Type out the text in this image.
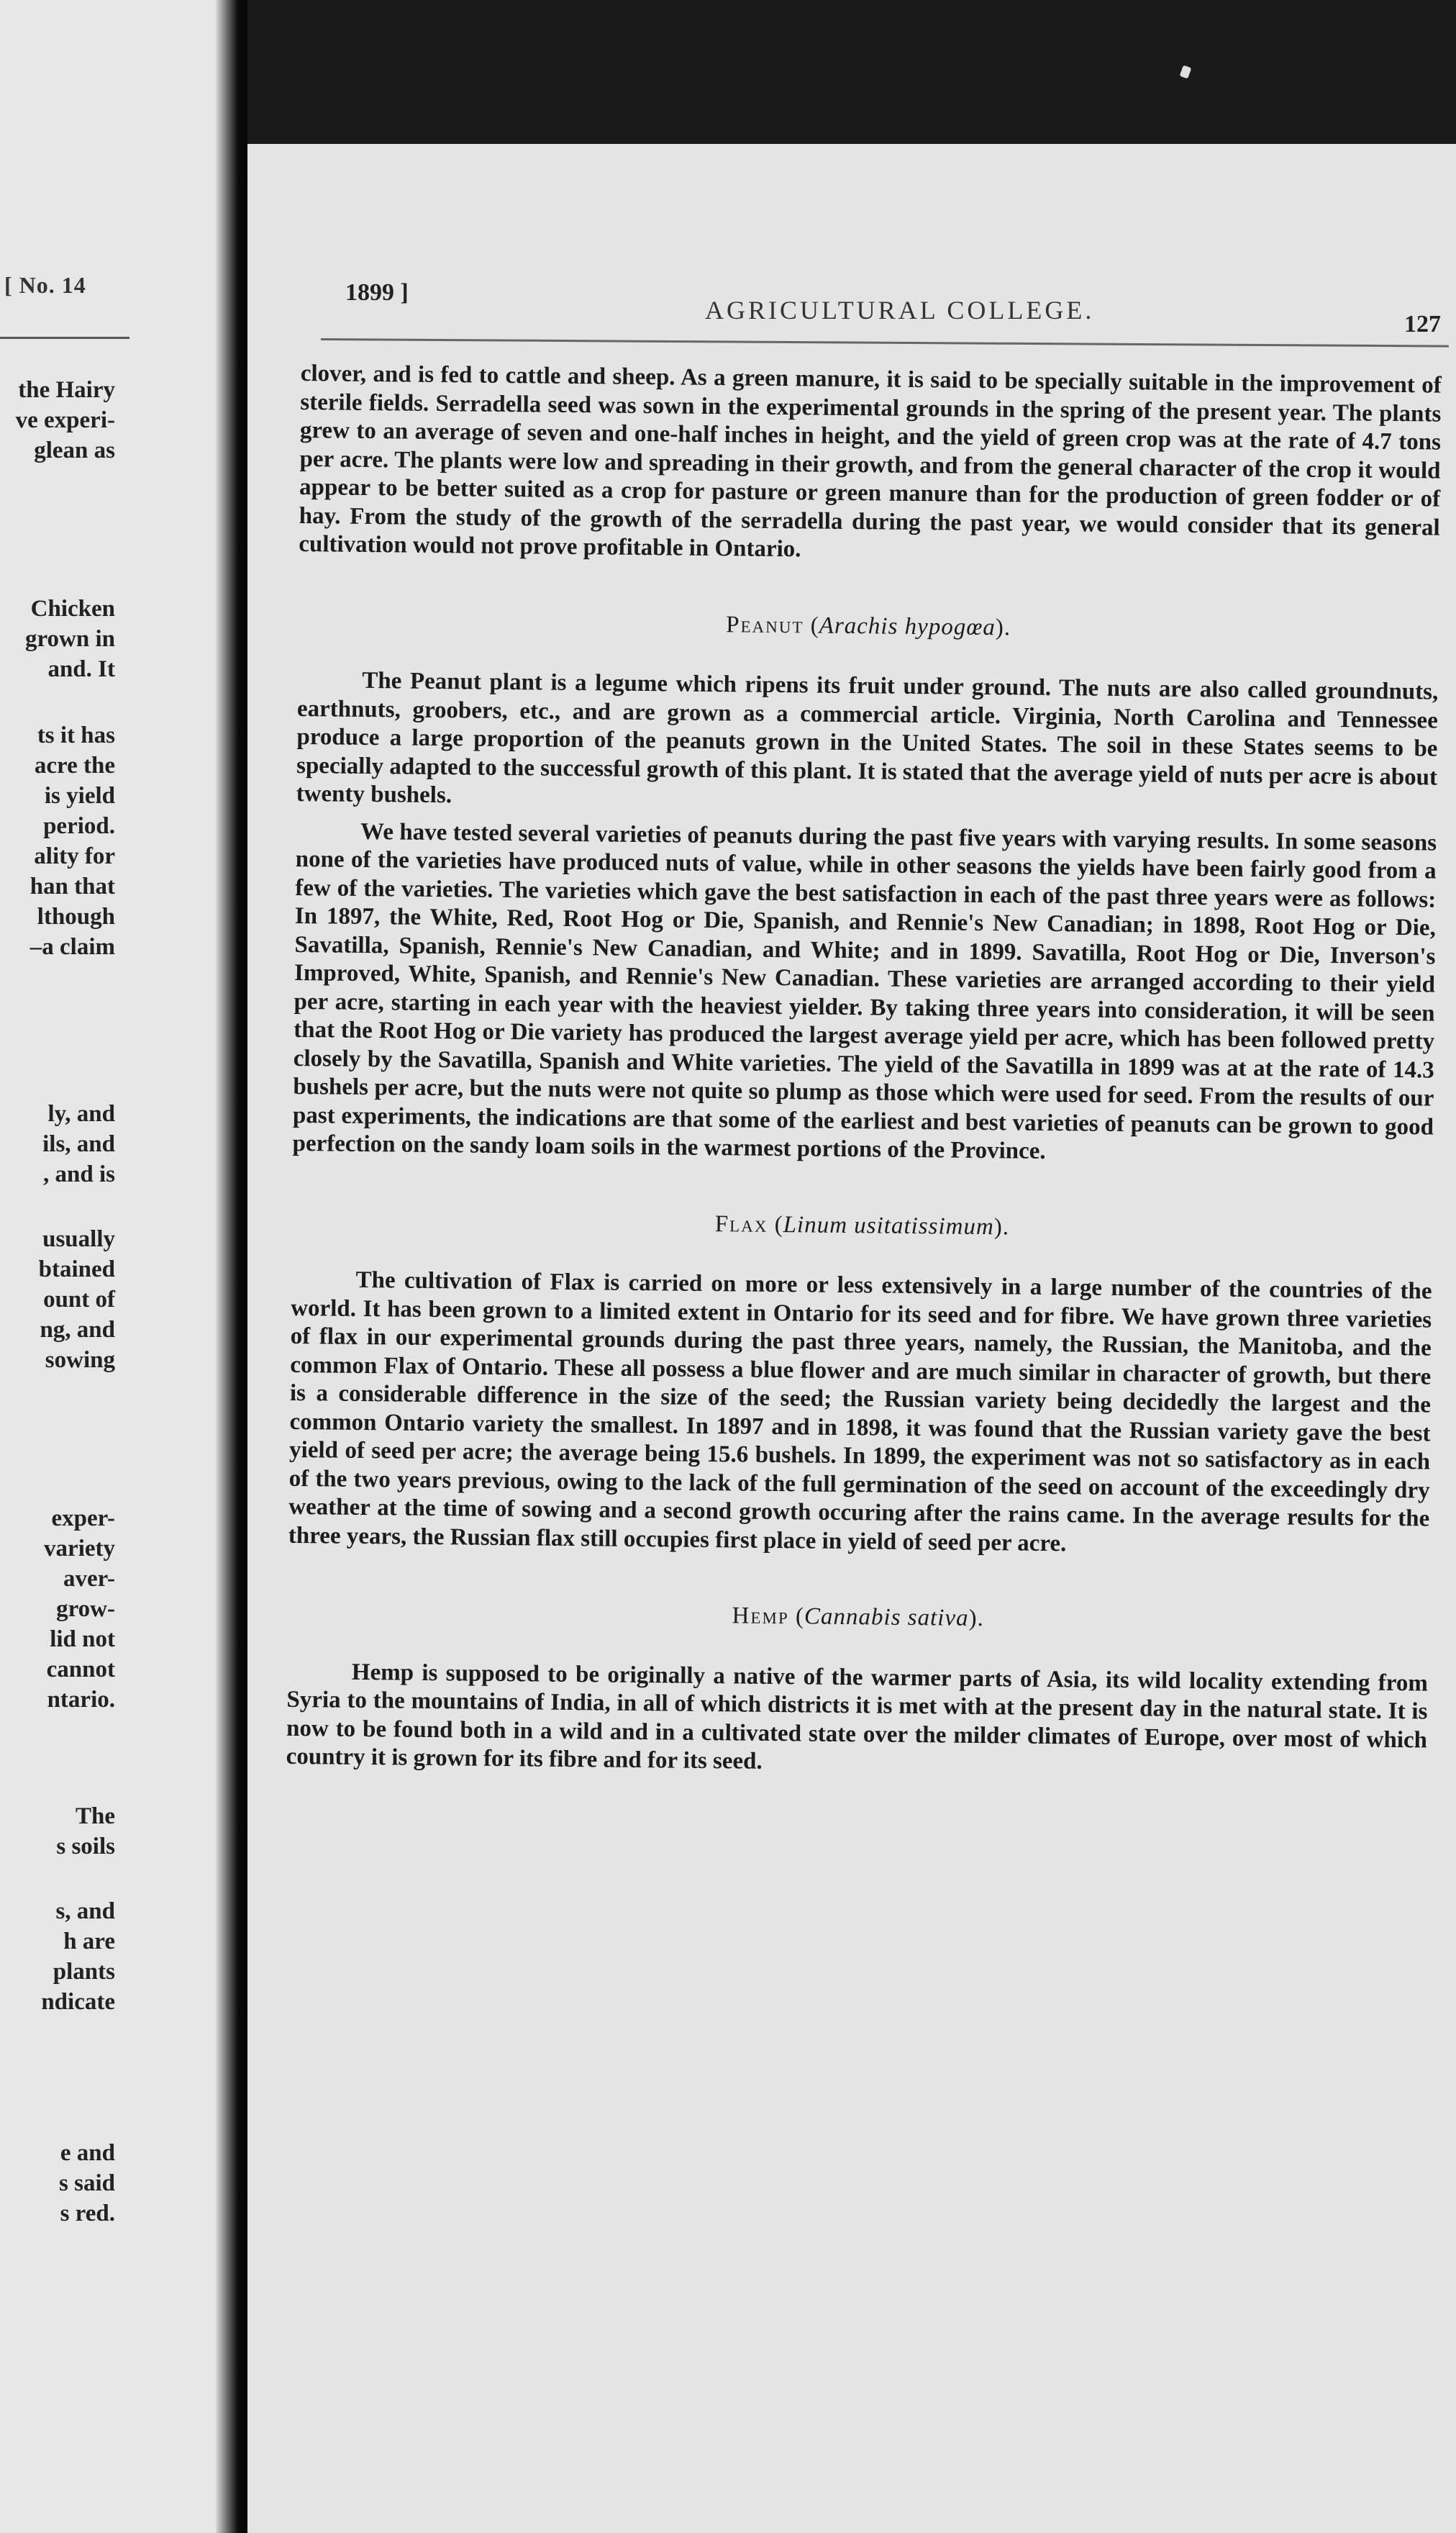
[ No. 14
the Hairy
ve experi-
glean as
Chicken
grown in
and. It
ts it has
acre the
is yield
period.
ality for
han that
lthough
–a claim
ly, and
ils, and
, and is
usually
btained
ount of
ng, and
sowing
exper-
variety
aver-
grow-
lid not
cannot
ntario.
The
s soils
s, and
h are
plants
ndicate
e and
s said
s red.
1899 ]
AGRICULTURAL COLLEGE.	127

clover, and is fed to cattle and sheep. As a green manure, it is said to be specially suitable in the improvement of sterile fields. Serradella seed was sown in the experimental grounds in the spring of the present year. The plants grew to an average of seven and one-half inches in height, and the yield of green crop was at the rate of 4.7 tons per acre. The plants were low and spreading in their growth, and from the general character of the crop it would appear to be better suited as a crop for pasture or green manure than for the production of green fodder or of hay. From the study of the growth of the serradella during the past year, we would consider that its general cultivation would not prove profitable in Ontario.

Peanut (Arachis hypogœa).

The Peanut plant is a legume which ripens its fruit under ground. The nuts are also called groundnuts, earthnuts, groobers, etc., and are grown as a commercial article. Virginia, North Carolina and Tennessee produce a large proportion of the peanuts grown in the United States. The soil in these States seems to be specially adapted to the successful growth of this plant. It is stated that the average yield of nuts per acre is about twenty bushels.

We have tested several varieties of peanuts during the past five years with varying results. In some seasons none of the varieties have produced nuts of value, while in other seasons the yields have been fairly good from a few of the varieties. The varieties which gave the best satisfaction in each of the past three years were as follows: In 1897, the White, Red, Root Hog or Die, Spanish, and Rennie's New Canadian; in 1898, Root Hog or Die, Savatilla, Spanish, Rennie's New Canadian, and White; and in 1899. Savatilla, Root Hog or Die, Inverson's Improved, White, Spanish, and Rennie's New Canadian. These varieties are arranged according to their yield per acre, starting in each year with the heaviest yielder. By taking three years into consideration, it will be seen that the Root Hog or Die variety has produced the largest average yield per acre, which has been followed pretty closely by the Savatilla, Spanish and White varieties. The yield of the Savatilla in 1899 was at at the rate of 14.3 bushels per acre, but the nuts were not quite so plump as those which were used for seed. From the results of our past experiments, the indications are that some of the earliest and best varieties of peanuts can be grown to good perfection on the sandy loam soils in the warmest portions of the Province.

Flax (Linum usitatissimum).

The cultivation of Flax is carried on more or less extensively in a large number of the countries of the world. It has been grown to a limited extent in Ontario for its seed and for fibre. We have grown three varieties of flax in our experimental grounds during the past three years, namely, the Russian, the Manitoba, and the common Flax of Ontario. These all possess a blue flower and are much similar in character of growth, but there is a considerable difference in the size of the seed; the Russian variety being decidedly the largest and the common Ontario variety the smallest. In 1897 and in 1898, it was found that the Russian variety gave the best yield of seed per acre; the average being 15.6 bushels. In 1899, the experiment was not so satisfactory as in each of the two years previous, owing to the lack of the full germination of the seed on account of the exceedingly dry weather at the time of sowing and a second growth occuring after the rains came. In the average results for the three years, the Russian flax still occupies first place in yield of seed per acre.

Hemp (Cannabis sativa).

Hemp is supposed to be originally a native of the warmer parts of Asia, its wild locality extending from Syria to the mountains of India, in all of which districts it is met with at the present day in the natural state. It is now to be found both in a wild and in a cultivated state over the milder climates of Europe, over most of which country it is grown for its fibre and for its seed.
